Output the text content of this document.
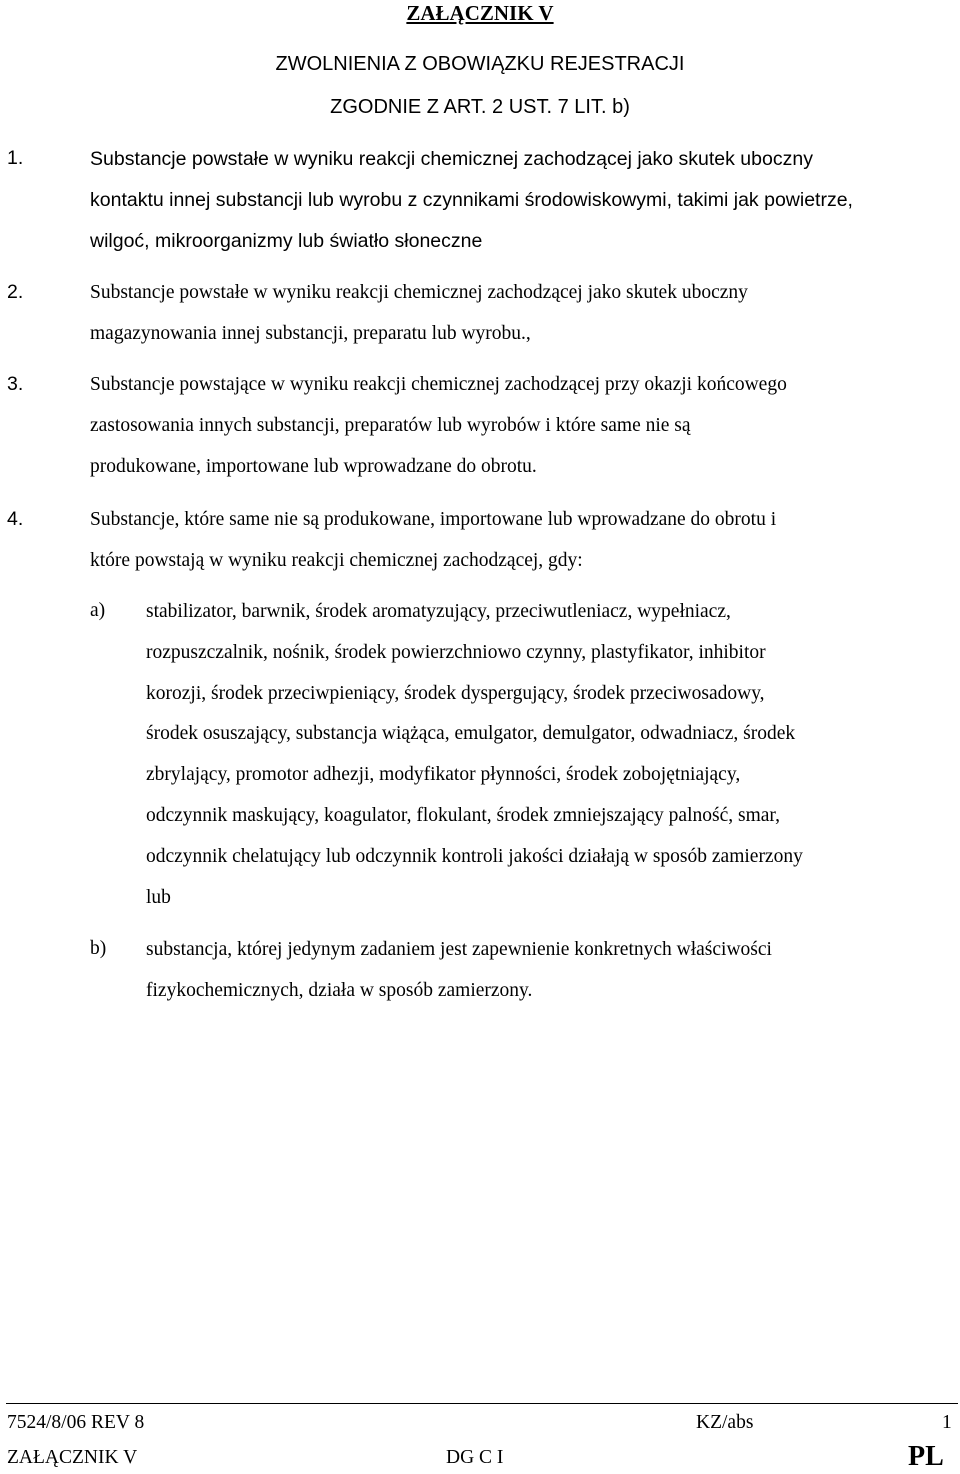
ZAŁĄCZNIK V
ZWOLNIENIA Z OBOWIĄZKU REJESTRACJI
ZGODNIE Z ART. 2 UST. 7 LIT. b)
1.	Substancje powstałe w wyniku reakcji chemicznej zachodzącej jako skutek uboczny
kontaktu innej substancji lub wyrobu z czynnikami środowiskowymi, takimi jak powietrze,
wilgoć, mikroorganizmy lub światło słoneczne
2.	Substancje powstałe w wyniku reakcji chemicznej zachodzącej jako skutek uboczny
magazynowania innej substancji, preparatu lub wyrobu.,
3.	Substancje powstające w wyniku reakcji chemicznej zachodzącej przy okazji końcowego
zastosowania innych substancji, preparatów lub wyrobów i które same nie są
produkowane, importowane lub wprowadzane do obrotu.
4.	Substancje, które same nie są produkowane, importowane lub wprowadzane do obrotu i
które powstają w wyniku reakcji chemicznej zachodzącej, gdy:
a) stabilizator, barwnik, środek aromatyzujący, przeciwutleniacz, wypełniacz,
rozpuszczalnik, nośnik, środek powierzchniowo czynny, plastyfikator, inhibitor
korozji, środek przeciwpieniący, środek dyspergujący, środek przeciwosadowy,
środek osuszający, substancja wiążąca, emulgator, demulgator, odwadniacz, środek
zbrylający, promotor adhezji, modyfikator płynności, środek zobojętniający,
odczynnik maskujący, koagulator, flokulant, środek zmniejszający palność, smar,
odczynnik chelatujący lub odczynnik kontroli jakości działają w sposób zamierzony
lub
b) substancja, której jedynym zadaniem jest zapewnienie konkretnych właściwości
fizykochemicznych, działa w sposób zamierzony.
7524/8/06 REV 8	KZ/abs	1
ZAŁĄCZNIK V	DG C I	PL
